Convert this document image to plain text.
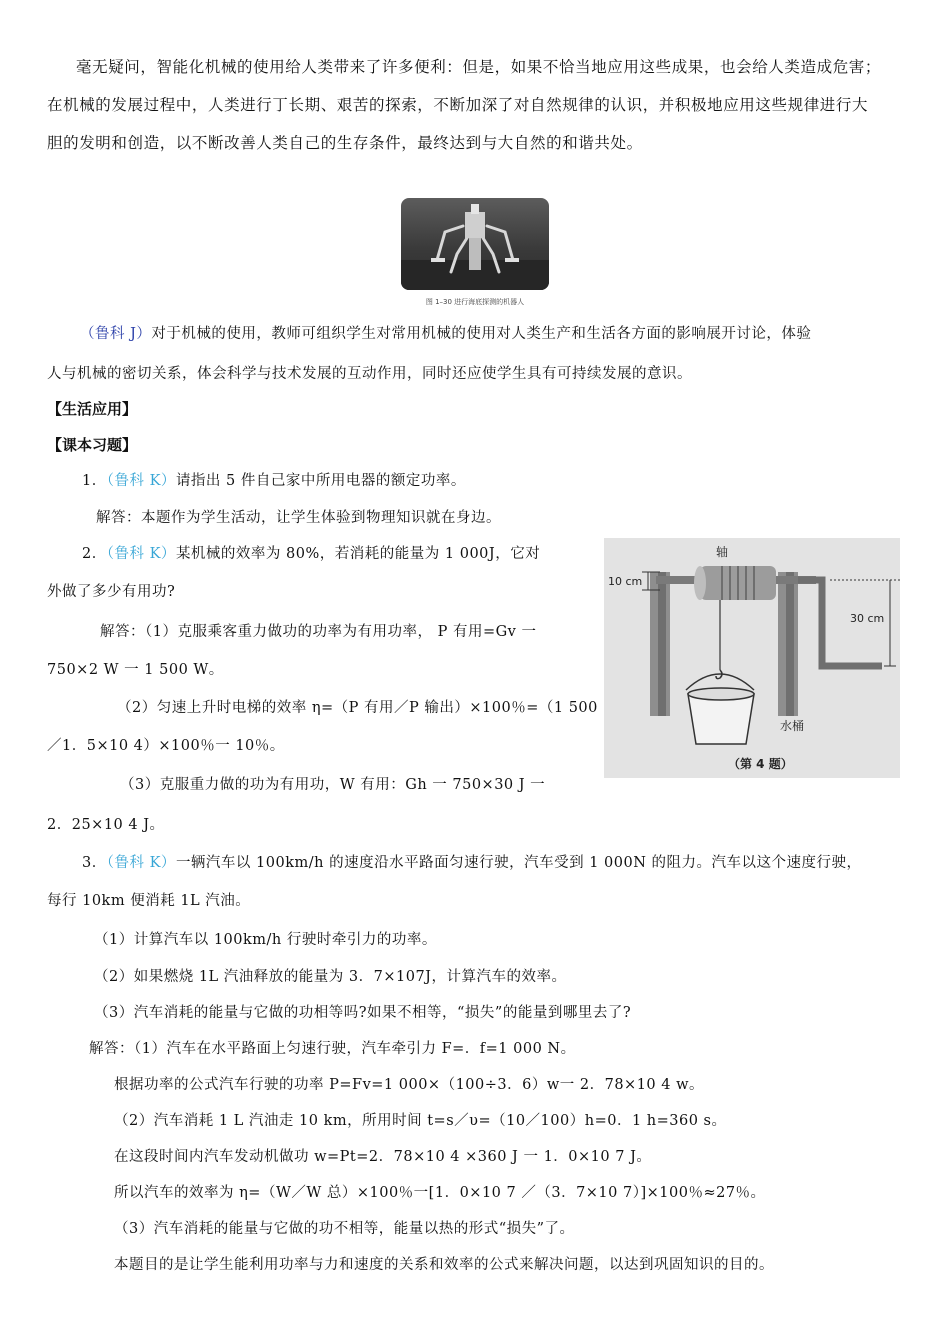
毫无疑问，智能化机械的使用给人类带来了许多便利：但是，如果不恰当地应用这些成果，也会给人类造成危害；
在机械的发展过程中，人类进行丁长期、艰苦的探索，不断加深了对自然规律的认识，并积极地应用这些规律进行大
胆的发明和创造，以不断改善人类自己的生存条件，最终达到与大自然的和谐共处。
图 1–30 进行海底探测的机器人
（鲁科 J）对于机械的使用，教师可组织学生对常用机械的使用对人类生产和生活各方面的影响展开讨论，体验
人与机械的密切关系，体会科学与技术发展的互动作用，同时还应使学生具有可持续发展的意识。
【生活应用】
【课本习题】
1．（鲁科 K）请指出 5 件自己家中所用电器的额定功率。
解答：本题作为学生活动，让学生体验到物理知识就在身边。
2．（鲁科 K）某机械的效率为 80%，若消耗的能量为 1 000J，它对
外做了多少有用功?
解答：（1）克服乘客重力做功的功率为有用功率， P 有用=Gv 一
750×2 W 一 1 500 W。
（2）匀速上升时电梯的效率 η=（P 有用／P 输出）×100％=（1 500
／1．5×10 4）×100％一 10％。
（3）克服重力做的功为有用功，W 有用：Gh 一 750×30 J 一
2．25×10 4 J。
轴
10 cm
30 cm
水桶
（第 4 题）
3．（鲁科 K）一辆汽车以 100km/h 的速度沿水平路面匀速行驶，汽车受到 1 000N 的阻力。汽车以这个速度行驶，
每行 10km 便消耗 1L 汽油。
（1）计算汽车以 100km/h 行驶时牵引力的功率。
（2）如果燃烧 1L 汽油释放的能量为 3．7×107J，计算汽车的效率。
（3）汽车消耗的能量与它做的功相等吗?如果不相等，“损失”的能量到哪里去了?
解答：（1）汽车在水平路面上匀速行驶，汽车牵引力 F=．f=1 000 N。
根据功率的公式汽车行驶的功率 P=Fv=1 000×（100÷3．6）w一 2．78×10 4 w。
（2）汽车消耗 1 L 汽油走 10 km，所用时间 t=s／υ=（10／100）h=0．1 h=360 s。
在这段时间内汽车发动机做功 w=Pt=2．78×10 4 ×360 J 一 1．0×10 7 J。
所以汽车的效率为 η=（W／W 总）×100％一[1．0×10 7 ／（3．7×10 7）]×100％≈27％。
（3）汽车消耗的能量与它做的功不相等，能量以热的形式“损失”了。
本题目的是让学生能利用功率与力和速度的关系和效率的公式来解决问题，以达到巩固知识的目的。
